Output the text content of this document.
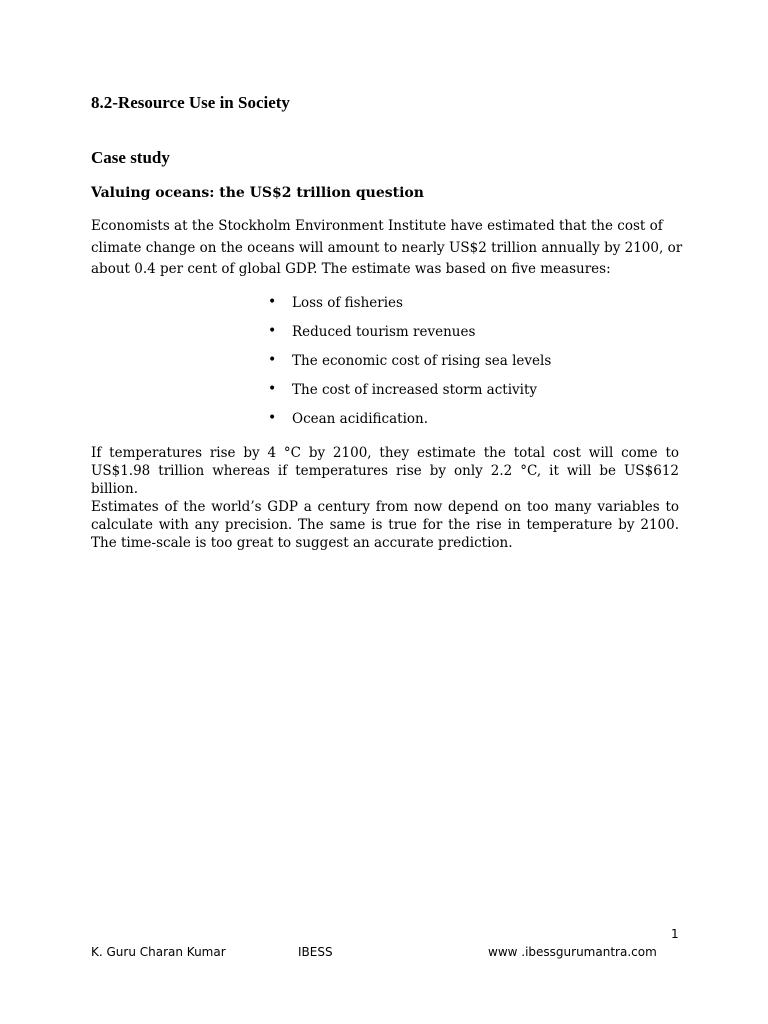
8.2-Resource Use in Society
Case study
Valuing oceans: the US$2 trillion question

Economists at the Stockholm Environment Institute have estimated that the cost of climate change on the oceans will amount to nearly US$2 trillion annually by 2100, or about 0.4 per cent of global GDP. The estimate was based on five measures:

• Loss of fisheries
• Reduced tourism revenues
• The economic cost of rising sea levels
• The cost of increased storm activity
• Ocean acidification.

If temperatures rise by 4 °C by 2100, they estimate the total cost will come to US$1.98 trillion whereas if temperatures rise by only 2.2 °C, it will be US$612 billion.

Estimates of the world’s GDP a century from now depend on too many variables to calculate with any precision. The same is true for the rise in temperature by 2100. The time-scale is too great to suggest an accurate prediction.

1
K. Guru Charan Kumar	IBESS	www .ibessgurumantra.com
